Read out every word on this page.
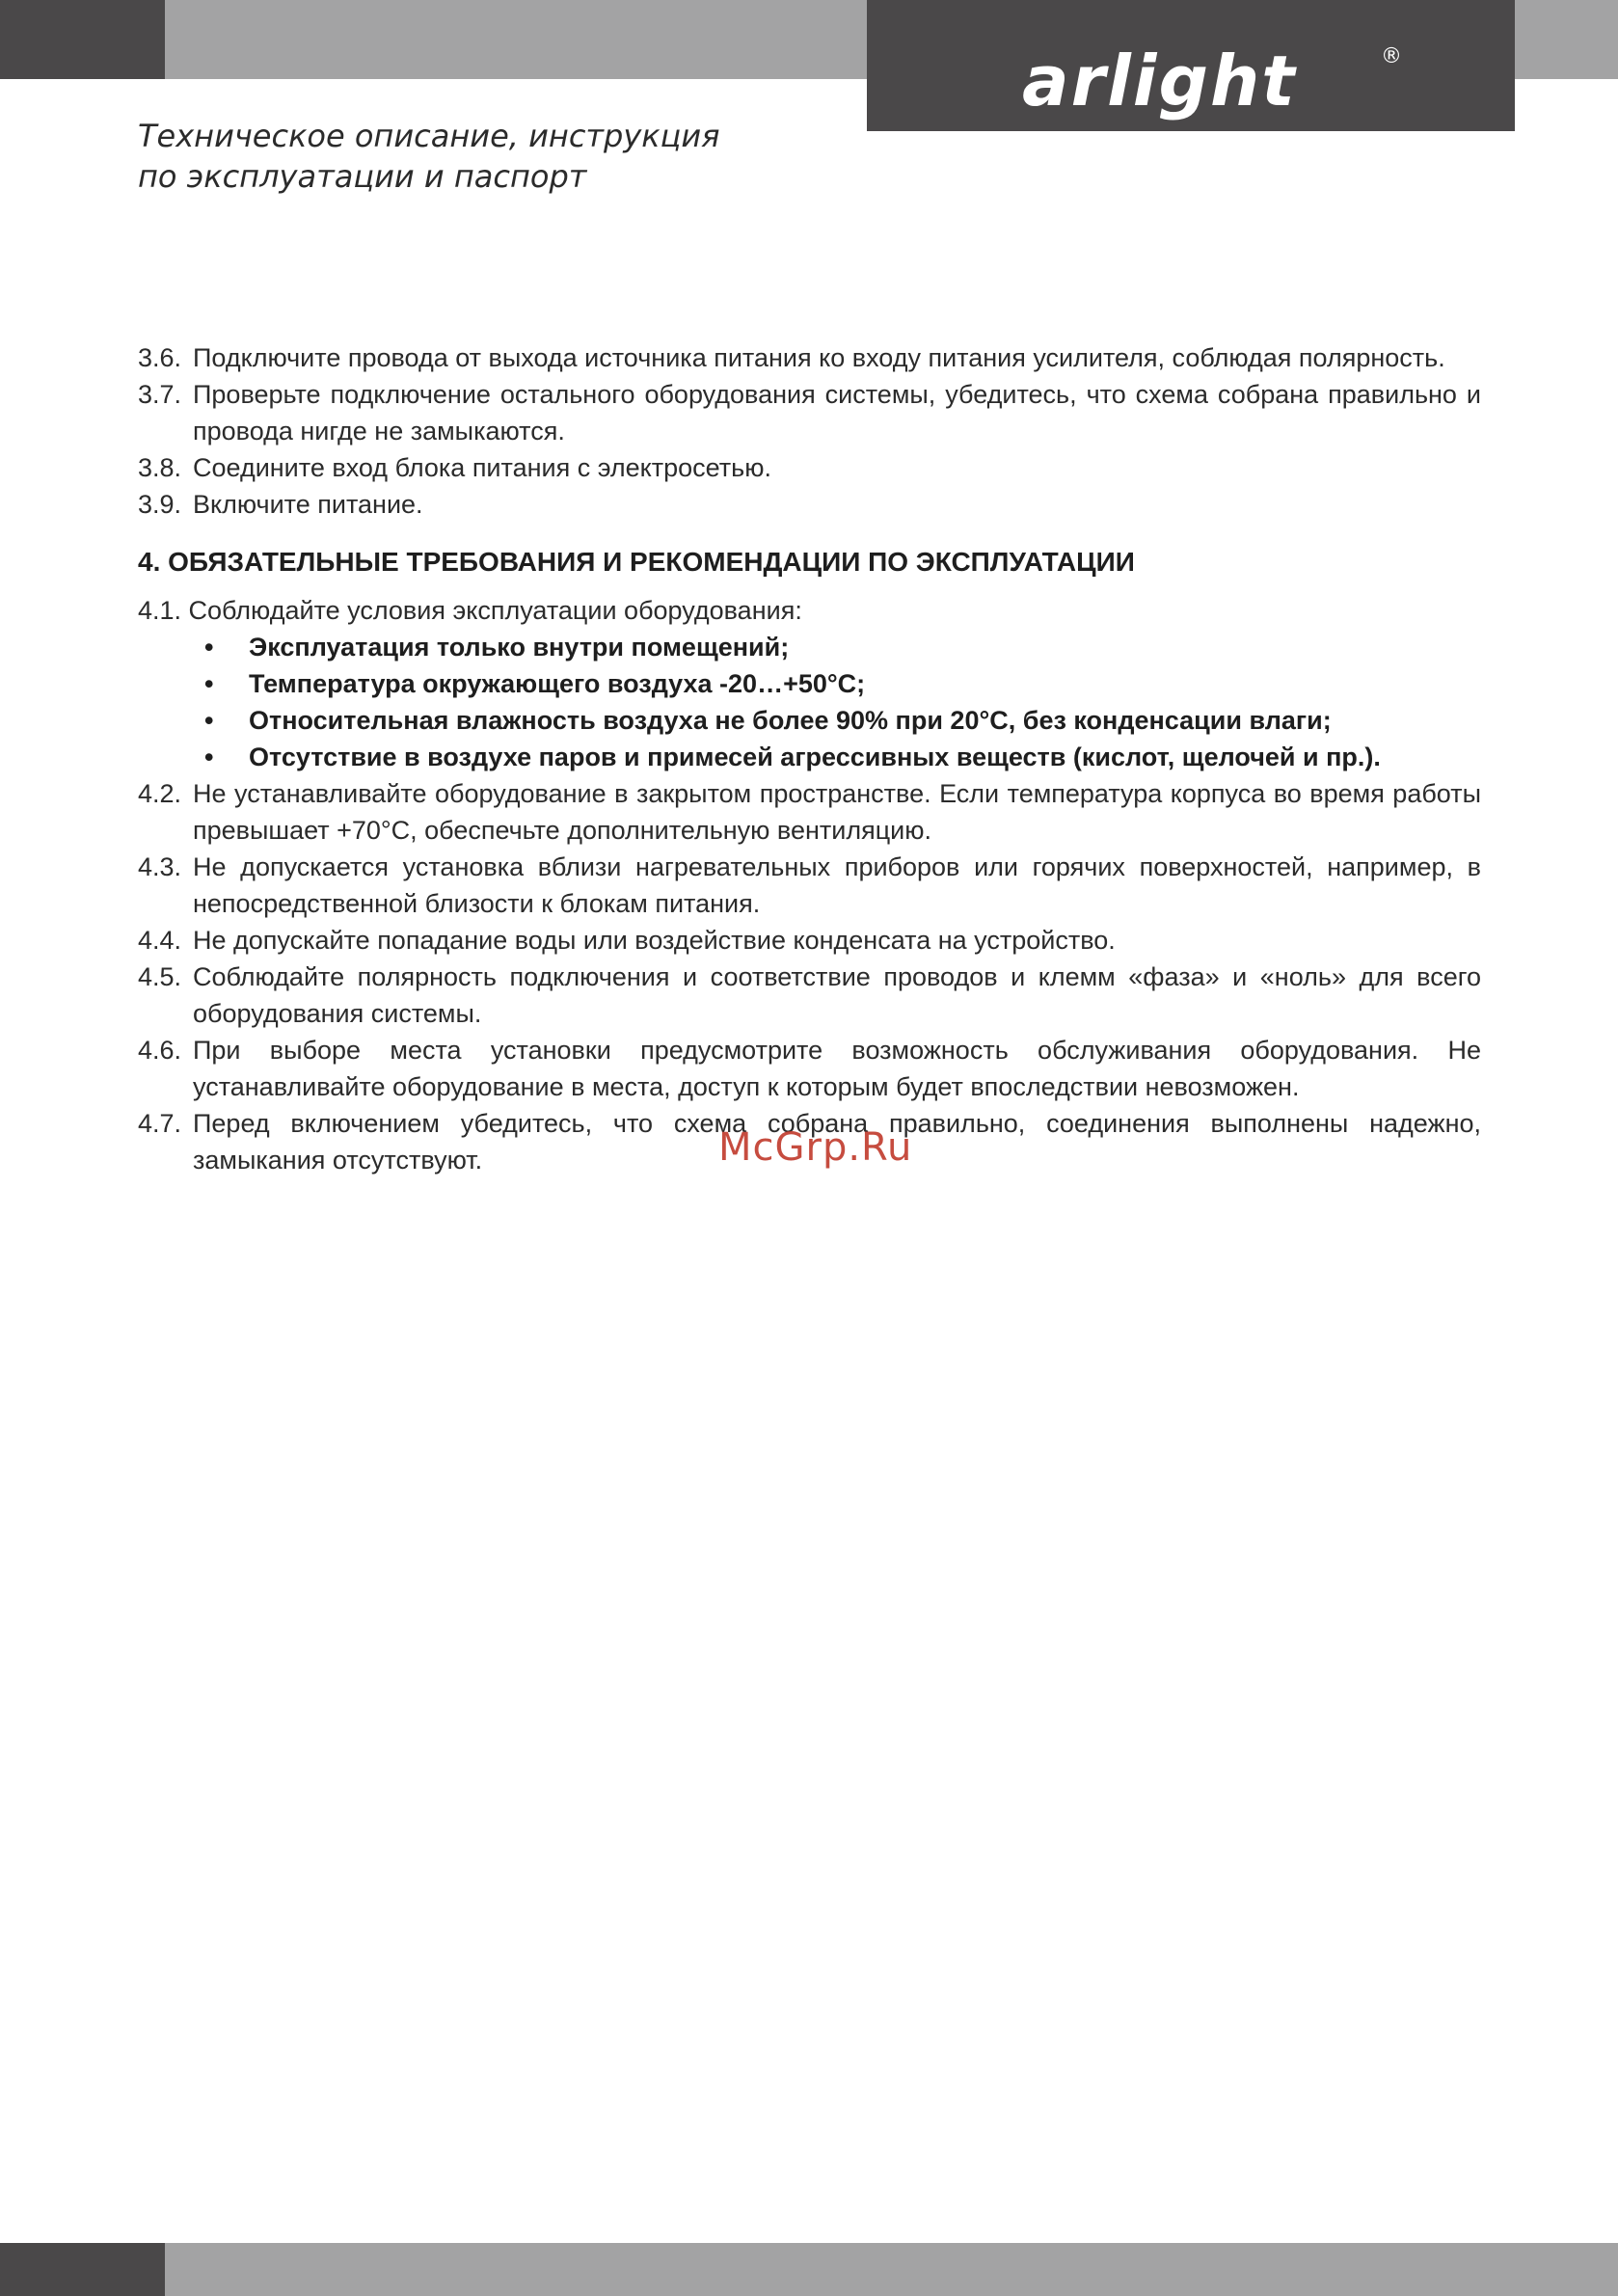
arlight	®
Техническое описание, инструкция
по эксплуатации и паспорт
3.6. Подключите провода от выхода источника питания ко входу питания усилителя, соблюдая полярность.
3.7. Проверьте подключение остального оборудования системы, убедитесь, что схема собрана правильно и провода нигде не замыкаются.
3.8. Соедините вход блока питания с электросетью.
3.9. Включите питание.
4. ОБЯЗАТЕЛЬНЫЕ ТРЕБОВАНИЯ И РЕКОМЕНДАЦИИ ПО ЭКСПЛУАТАЦИИ
4.1. Соблюдайте условия эксплуатации оборудования:
• Эксплуатация только внутри помещений;
• Температура окружающего воздуха -20…+50°C;
• Относительная влажность воздуха не более 90% при 20°C, без конденсации влаги;
• Отсутствие в воздухе паров и примесей агрессивных веществ (кислот, щелочей и пр.).
4.2. Не устанавливайте оборудование в закрытом пространстве. Если температура корпуса во время работы превышает +70°C, обеспечьте дополнительную вентиляцию.
4.3. Не допускается установка вблизи нагревательных приборов или горячих поверхностей, например, в непосредственной близости к блокам питания.
4.4. Не допускайте попадание воды или воздействие конденсата на устройство.
4.5. Соблюдайте полярность подключения и соответствие проводов и клемм «фаза» и «ноль» для всего оборудования системы.
4.6. При выборе места установки предусмотрите возможность обслуживания оборудования. Не устанавливайте оборудование в места, доступ к которым будет впоследствии невозможен.
4.7. Перед включением убедитесь, что схема собрана правильно, соединения выполнены надежно, замыкания отсутствуют.	McGrp.Ru
